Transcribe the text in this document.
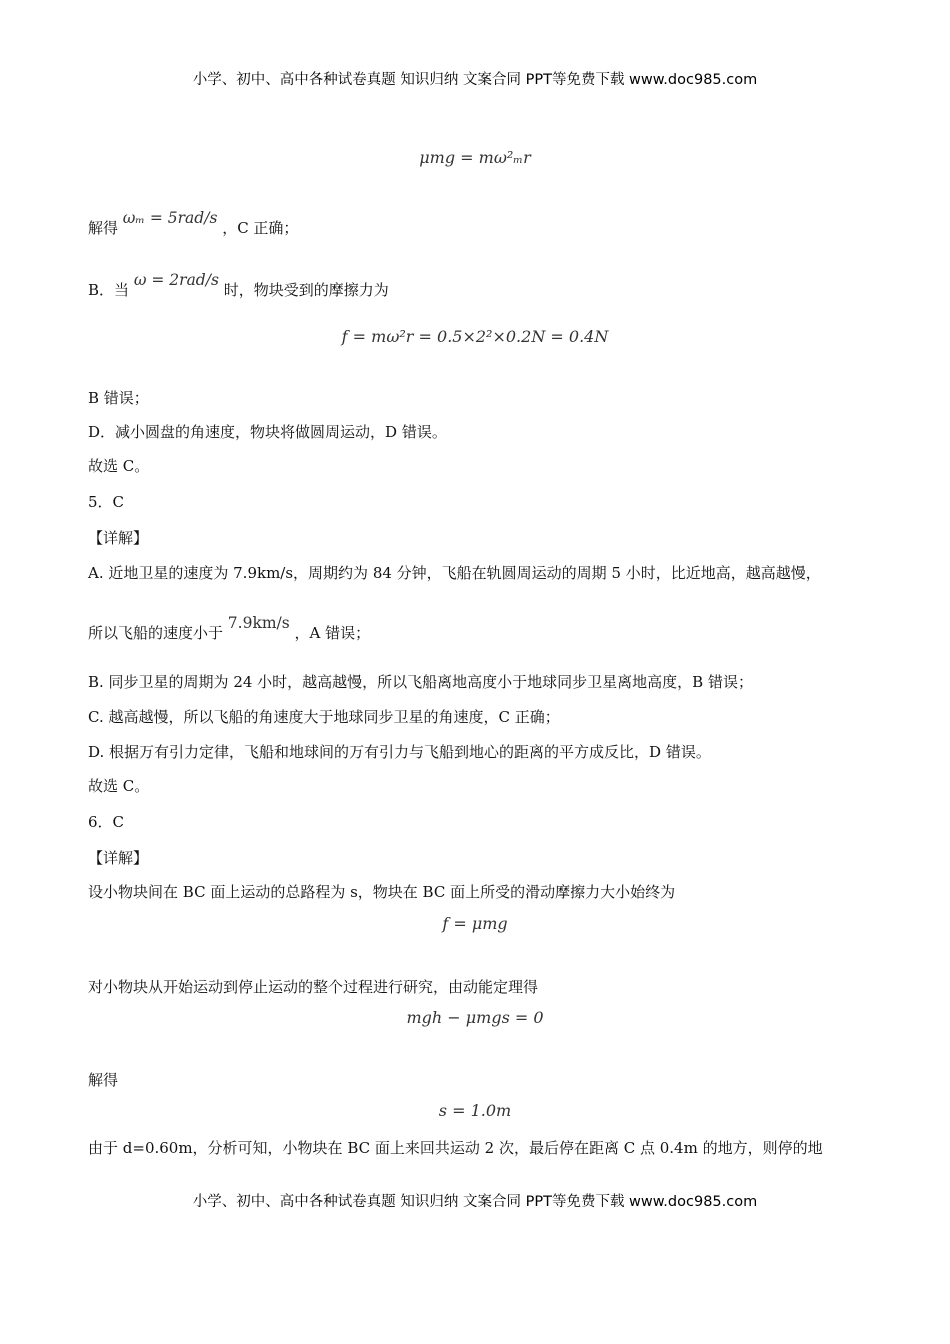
小学、初中、高中各种试卷真题 知识归纳 文案合同 PPT等免费下载 www.doc985.com
μmg = mω²ₘr
解得 ωₘ = 5rad/s ，C 正确；
B．当 ω = 2rad/s 时，物块受到的摩擦力为
f = mω²r = 0.5×2²×0.2N = 0.4N
B 错误；
D．减小圆盘的角速度，物块将做圆周运动，D 错误。
故选 C。
5．C
【详解】
A. 近地卫星的速度为 7.9km/s，周期约为 84 分钟，飞船在轨圆周运动的周期 5 小时，比近地高，越高越慢，
所以飞船的速度小于 7.9km/s ，A 错误；
B. 同步卫星的周期为 24 小时，越高越慢，所以飞船离地高度小于地球同步卫星离地高度，B 错误；
C. 越高越慢，所以飞船的角速度大于地球同步卫星的角速度，C 正确；
D. 根据万有引力定律，飞船和地球间的万有引力与飞船到地心的距离的平方成反比，D 错误。
故选 C。
6．C
【详解】
设小物块间在 BC 面上运动的总路程为 s，物块在 BC 面上所受的滑动摩擦力大小始终为
f = μmg
对小物块从开始运动到停止运动的整个过程进行研究，由动能定理得
mgh − μmgs = 0
解得
s = 1.0m
由于 d=0.60m，分析可知，小物块在 BC 面上来回共运动 2 次，最后停在距离 C 点 0.4m 的地方，则停的地
小学、初中、高中各种试卷真题 知识归纳 文案合同 PPT等免费下载 www.doc985.com
